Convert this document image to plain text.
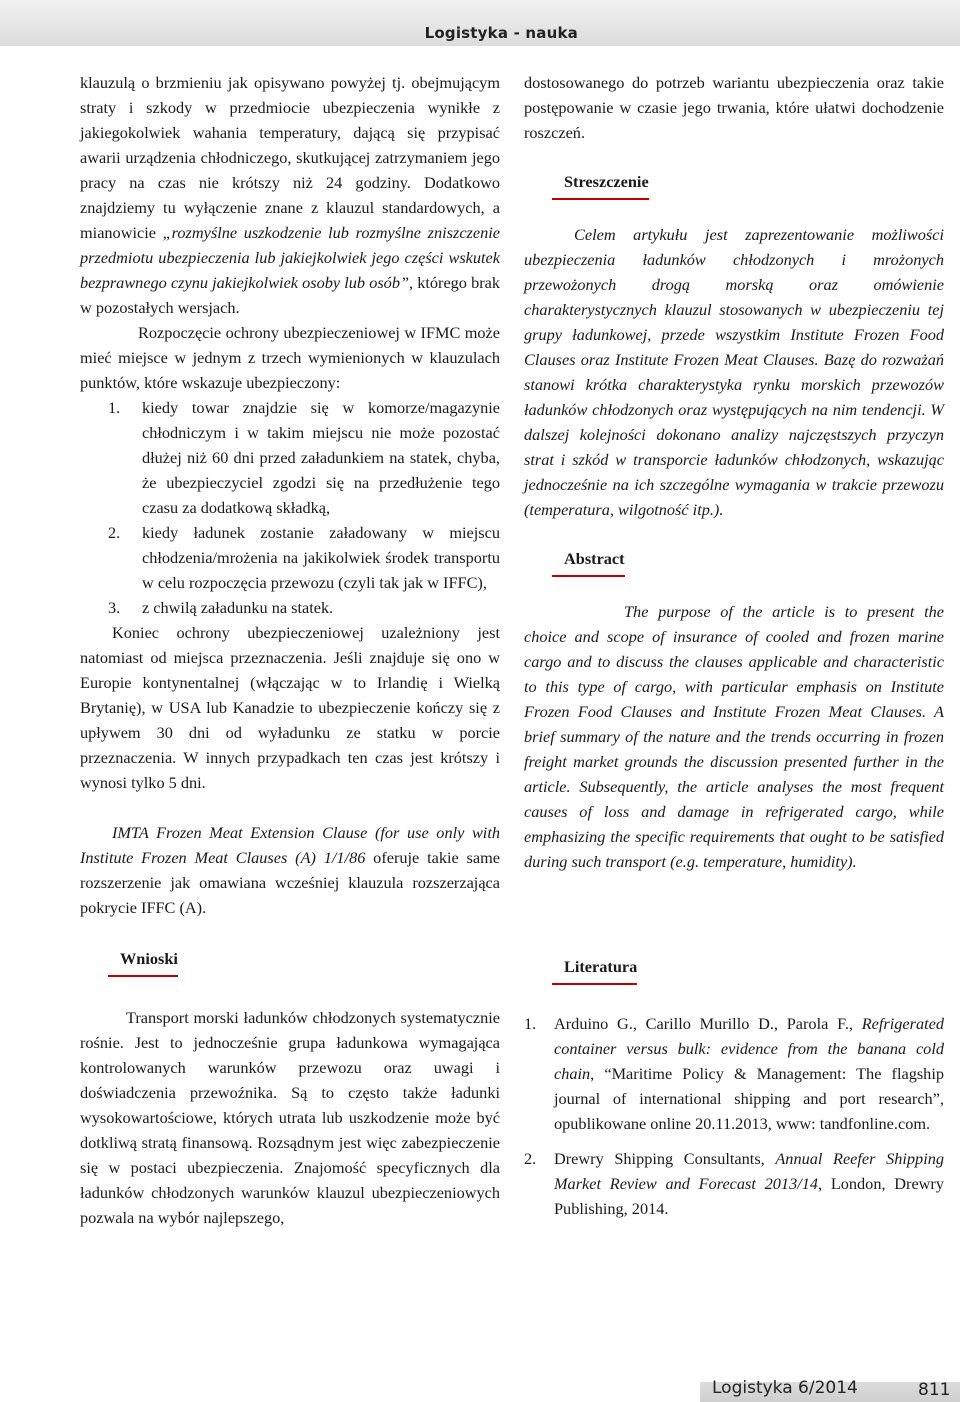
Logistyka - nauka

klauzulą o brzmieniu jak opisywano powyżej tj. obejmującym straty i szkody w przedmiocie ubezpieczenia wynikłe z jakiegokolwiek wahania temperatury, dającą się przypisać awarii urządzenia chłodniczego, skutkującej zatrzymaniem jego pracy na czas nie krótszy niż 24 godziny. Dodatkowo znajdziemy tu wyłączenie znane z klauzul standardowych, a mianowicie „rozmyślne uszkodzenie lub rozmyślne zniszczenie przedmiotu ubezpieczenia lub jakiejkolwiek jego części wskutek bezprawnego czynu jakiejkolwiek osoby lub osób”, którego brak w pozostałych wersjach.

Rozpoczęcie ochrony ubezpieczeniowej w IFMC może mieć miejsce w jednym z trzech wymienionych w klauzulach punktów, które wskazuje ubezpieczony:

1.	kiedy towar znajdzie się w komorze/magazynie chłodniczym i w takim miejscu nie może pozostać dłużej niż 60 dni przed załadunkiem na statek, chyba, że ubezpieczyciel zgodzi się na przedłużenie tego czasu za dodatkową składką,
2.	kiedy ładunek zostanie załadowany w miejscu chłodzenia/mrożenia na jakikolwiek środek transportu w celu rozpoczęcia przewozu (czyli tak jak w IFFC),
3.	z chwilą załadunku na statek.

Koniec ochrony ubezpieczeniowej uzależniony jest natomiast od miejsca przeznaczenia. Jeśli znajduje się ono w Europie kontynentalnej (włączając w to Irlandię i Wielką Brytanię), w USA lub Kanadzie to ubezpieczenie kończy się z upływem 30 dni od wyładunku ze statku w porcie przeznaczenia. W innych przypadkach ten czas jest krótszy i wynosi tylko 5 dni.

IMTA Frozen Meat Extension Clause (for use only with Institute Frozen Meat Clauses (A) 1/1/86 oferuje takie same rozszerzenie jak omawiana wcześniej klauzula rozszerzająca pokrycie IFFC (A).

Wnioski

Transport morski ładunków chłodzonych systematycznie rośnie. Jest to jednocześnie grupa ładunkowa wymagająca kontrolowanych warunków przewozu oraz uwagi i doświadczenia przewoźnika. Są to często także ładunki wysokowartościowe, których utrata lub uszkodzenie może być dotkliwą stratą finansową. Rozsądnym jest więc zabezpieczenie się w postaci ubezpieczenia. Znajomość specyficznych dla ładunków chłodzonych warunków klauzul ubezpieczeniowych pozwala na wybór najlepszego,

dostosowanego do potrzeb wariantu ubezpieczenia oraz takie postępowanie w czasie jego trwania, które ułatwi dochodzenie roszczeń.

Streszczenie

Celem artykułu jest zaprezentowanie możliwości ubezpieczenia ładunków chłodzonych i mrożonych przewożonych drogą morską oraz omówienie charakterystycznych klauzul stosowanych w ubezpieczeniu tej grupy ładunkowej, przede wszystkim Institute Frozen Food Clauses oraz Institute Frozen Meat Clauses. Bazę do rozważań stanowi krótka charakterystyka rynku morskich przewozów ładunków chłodzonych oraz występujących na nim tendencji. W dalszej kolejności dokonano analizy najczęstszych przyczyn strat i szkód w transporcie ładunków chłodzonych, wskazując jednocześnie na ich szczególne wymagania w trakcie przewozu (temperatura, wilgotność itp.).

Abstract

The purpose of the article is to present the choice and scope of insurance of cooled and frozen marine cargo and to discuss the clauses applicable and characteristic to this type of cargo, with particular emphasis on Institute Frozen Food Clauses and Institute Frozen Meat Clauses. A brief summary of the nature and the trends occurring in frozen freight market grounds the discussion presented further in the article. Subsequently, the article analyses the most frequent causes of loss and damage in refrigerated cargo, while emphasizing the specific requirements that ought to be satisfied during such transport (e.g. temperature, humidity).

Literatura
1.	Arduino G., Carillo Murillo D., Parola F., Refrigerated container versus bulk: evidence from the banana cold chain, “Maritime Policy & Management: The flagship journal of international shipping and port research”, opublikowane online 20.11.2013, www: tandfonline.com.
2.	Drewry Shipping Consultants, Annual Reefer Shipping Market Review and Forecast 2013/14, London, Drewry Publishing, 2014.
Logistyka 6/2014	811
